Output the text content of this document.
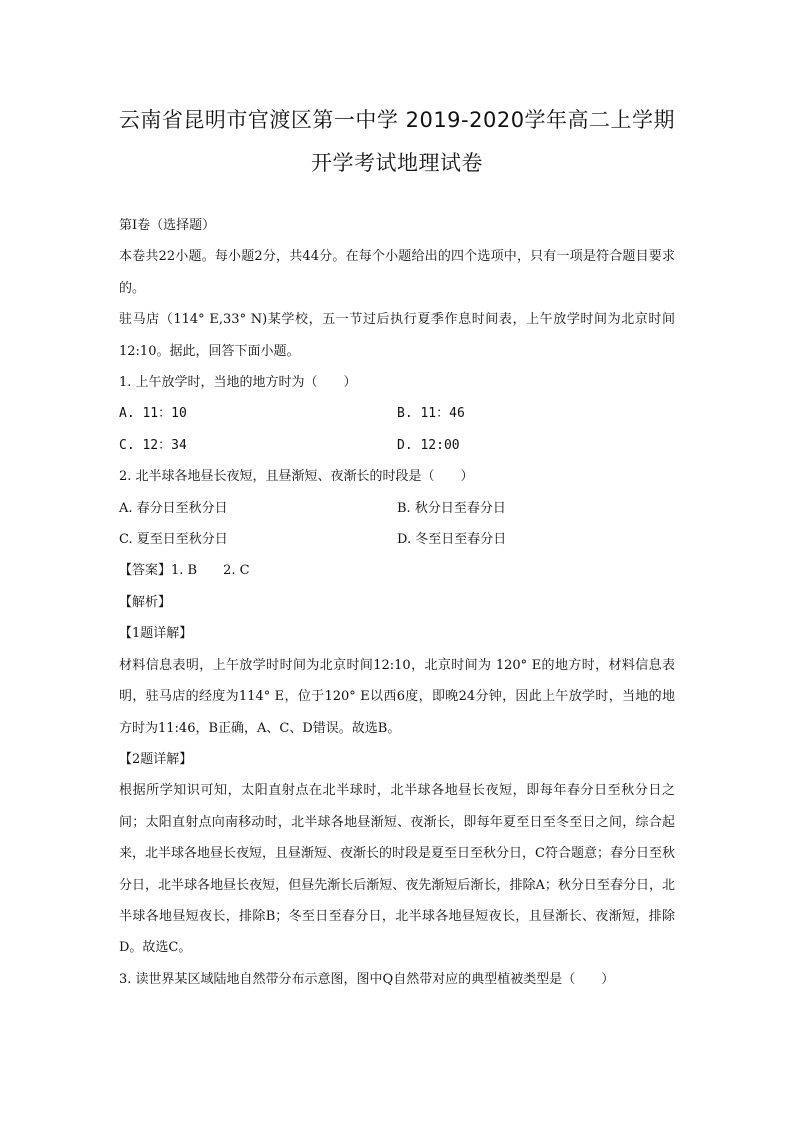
云南省昆明市官渡区第一中学 2019-2020学年高二上学期
开学考试地理试卷
第Ⅰ卷（选择题）
本卷共22小题。每小题2分，共44分。在每个小题给出的四个选项中，只有一项是符合题目要求的。
驻马店（114° E,33° N)某学校，五一节过后执行夏季作息时间表，上午放学时间为北京时间12:10。据此，回答下面小题。
1. 上午放学时，当地的地方时为（　　）
A. 11：10	B. 11：46
C. 12：34	D. 12:00
2. 北半球各地昼长夜短，且昼渐短、夜渐长的时段是（　　）
A. 春分日至秋分日	B. 秋分日至春分日
C. 夏至日至秋分日	D. 冬至日至春分日
【答案】1. B　　2. C
【解析】
【1题详解】
材料信息表明，上午放学时时间为北京时间12:10，北京时间为 120° E的地方时，材料信息表明，驻马店的经度为114° E，位于120° E以西6度，即晚24分钟，因此上午放学时，当地的地方时为11:46，B正确，A、C、D错误。故选B。
【2题详解】
根据所学知识可知，太阳直射点在北半球时，北半球各地昼长夜短，即每年春分日至秋分日之间；太阳直射点向南移动时，北半球各地昼渐短、夜渐长，即每年夏至日至冬至日之间，综合起来，北半球各地昼长夜短，且昼渐短、夜渐长的时段是夏至日至秋分日，C符合题意；春分日至秋分日，北半球各地昼长夜短，但昼先渐长后渐短、夜先渐短后渐长，排除A；秋分日至春分日，北半球各地昼短夜长，排除B；冬至日至春分日，北半球各地昼短夜长，且昼渐长、夜渐短，排除D。故选C。
3. 读世界某区域陆地自然带分布示意图，图中Q自然带对应的典型植被类型是（　　）
